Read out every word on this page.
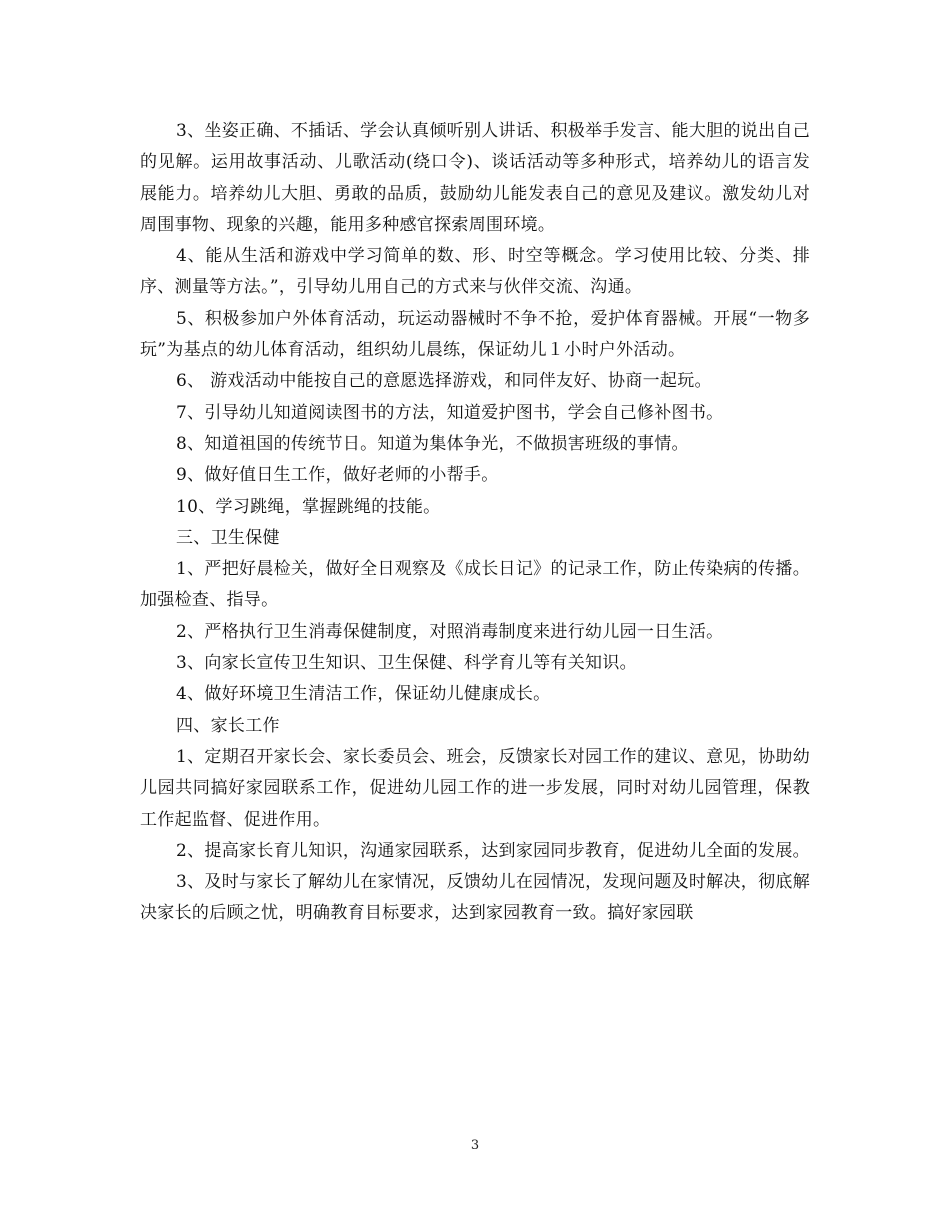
3、坐姿正确、不插话、学会认真倾听别人讲话、积极举手发言、能大胆的说出自己的见解。运用故事活动、儿歌活动(绕口令)、谈话活动等多种形式，培养幼儿的语言发展能力。培养幼儿大胆、勇敢的品质，鼓励幼儿能发表自己的意见及建议。激发幼儿对周围事物、现象的兴趣，能用多种感官探索周围环境。

4、能从生活和游戏中学习简单的数、形、时空等概念。学习使用比较、分类、排序、测量等方法。”，引导幼儿用自己的方式来与伙伴交流、沟通。

5、积极参加户外体育活动，玩运动器械时不争不抢，爱护体育器械。开展“一物多玩”为基点的幼儿体育活动，组织幼儿晨练，保证幼儿１小时户外活动。

6、 游戏活动中能按自己的意愿选择游戏，和同伴友好、协商一起玩。

7、引导幼儿知道阅读图书的方法，知道爱护图书，学会自己修补图书。

8、知道祖国的传统节日。知道为集体争光，不做损害班级的事情。

9、做好值日生工作，做好老师的小帮手。

10、学习跳绳，掌握跳绳的技能。

三、卫生保健

1、严把好晨检关，做好全日观察及《成长日记》的记录工作，防止传染病的传播。加强检查、指导。

2、严格执行卫生消毒保健制度，对照消毒制度来进行幼儿园一日生活。

3、向家长宣传卫生知识、卫生保健、科学育儿等有关知识。

4、做好环境卫生清洁工作，保证幼儿健康成长。

四、家长工作

1、定期召开家长会、家长委员会、班会，反馈家长对园工作的建议、意见，协助幼儿园共同搞好家园联系工作，促进幼儿园工作的进一步发展，同时对幼儿园管理，保教工作起监督、促进作用。

2、提高家长育儿知识，沟通家园联系，达到家园同步教育，促进幼儿全面的发展。

3、及时与家长了解幼儿在家情况，反馈幼儿在园情况，发现问题及时解决，彻底解决家长的后顾之忧，明确教育目标要求，达到家园教育一致。搞好家园联

3
